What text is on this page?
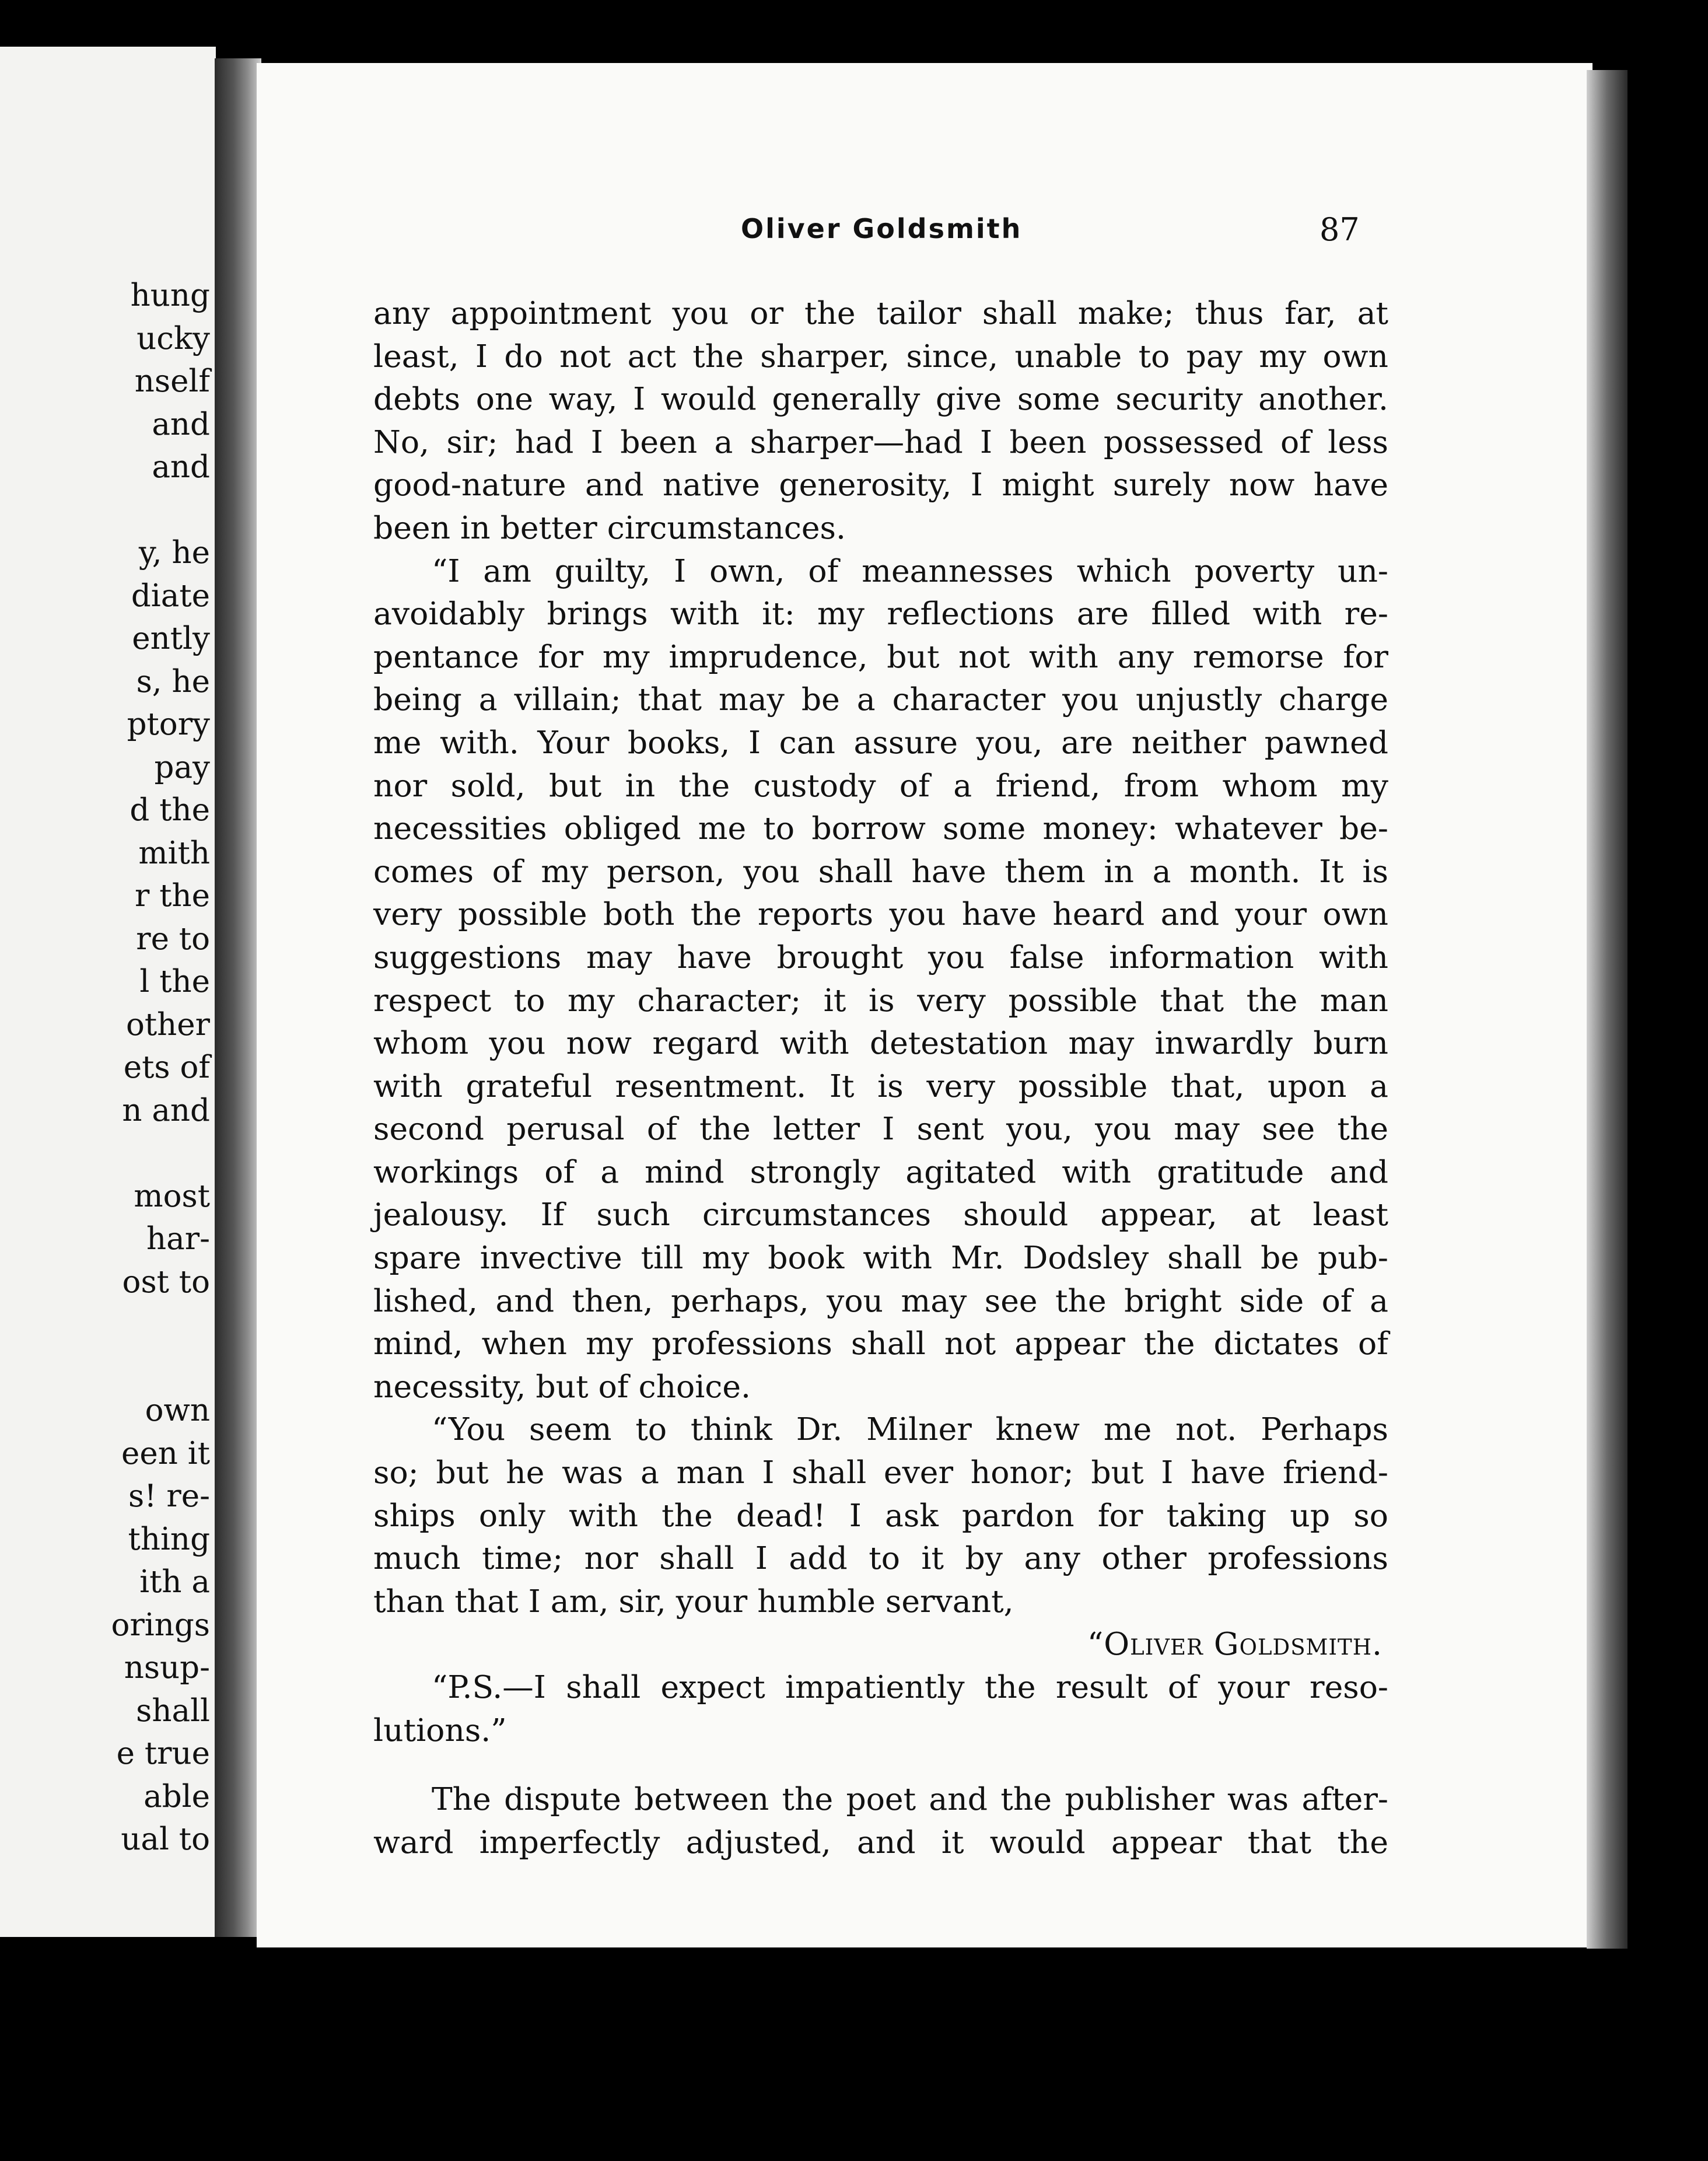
hung
ucky
nself
and
and
y, he
diate
ently
s, he
ptory
pay
d the
mith
r the
re to
l the
other
ets of
n and
most
har-
ost to
own
een it
s! re-
thing
ith a
orings
nsup-
shall
e true
able
ual to
Oliver Goldsmith	87
any appointment you or the tailor shall make; thus far, at
least, I do not act the sharper, since, unable to pay my own
debts one way, I would generally give some security another.
No, sir; had I been a sharper—had I been possessed of less
good-nature and native generosity, I might surely now have
been in better circumstances.
“I am guilty, I own, of meannesses which poverty un-
avoidably brings with it: my reflections are filled with re-
pentance for my imprudence, but not with any remorse for
being a villain; that may be a character you unjustly charge
me with. Your books, I can assure you, are neither pawned
nor sold, but in the custody of a friend, from whom my
necessities obliged me to borrow some money: whatever be-
comes of my person, you shall have them in a month. It is
very possible both the reports you have heard and your own
suggestions may have brought you false information with
respect to my character; it is very possible that the man
whom you now regard with detestation may inwardly burn
with grateful resentment. It is very possible that, upon a
second perusal of the letter I sent you, you may see the
workings of a mind strongly agitated with gratitude and
jealousy. If such circumstances should appear, at least
spare invective till my book with Mr. Dodsley shall be pub-
lished, and then, perhaps, you may see the bright side of a
mind, when my professions shall not appear the dictates of
necessity, but of choice.
“You seem to think Dr. Milner knew me not. Perhaps
so; but he was a man I shall ever honor; but I have friend-
ships only with the dead! I ask pardon for taking up so
much time; nor shall I add to it by any other professions
than that I am, sir, your humble servant,
“Oliver Goldsmith.
“P.S.—I shall expect impatiently the result of your reso-
lutions.”
The dispute between the poet and the publisher was after-
ward imperfectly adjusted, and it would appear that the
